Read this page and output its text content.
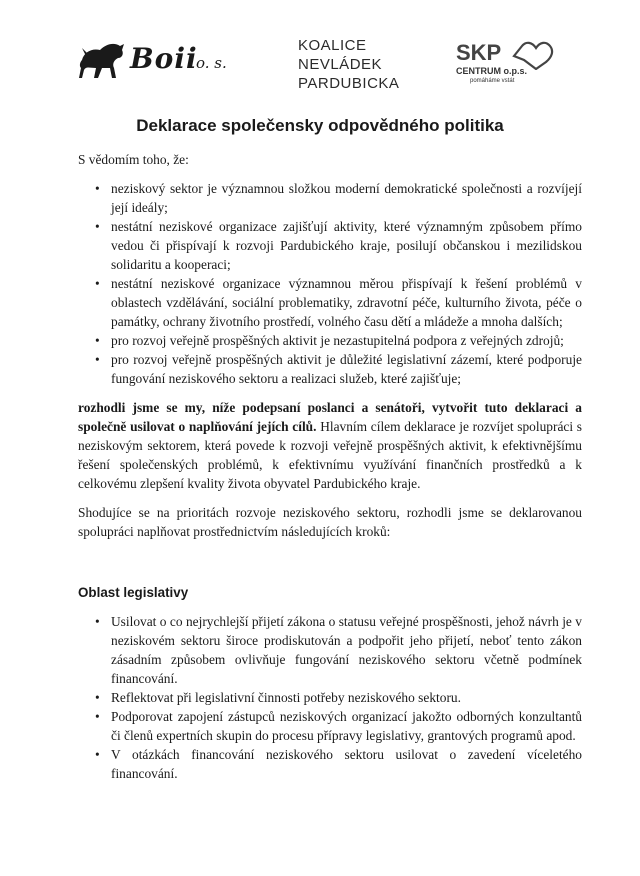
Boii
o. s.
KOALICE
NEVLÁDEK
PARDUBICKA
SKP
CENTRUM o.p.s.
pomáháme vstát
Deklarace společensky odpovědného politika

S vědomím toho, že:

• neziskový sektor je významnou složkou moderní demokratické společnosti a rozvíjejí její ideály;
• nestátní neziskové organizace zajišťují aktivity, které významným způsobem přímo vedou či přispívají k rozvoji Pardubického kraje, posilují občanskou i mezilidskou solidaritu a kooperaci;
• nestátní neziskové organizace významnou měrou přispívají k řešení problémů v oblastech vzdělávání, sociální problematiky, zdravotní péče, kulturního života, péče o památky, ochrany životního prostředí, volného času dětí a mládeže a mnoha dalších;
• pro rozvoj veřejně prospěšných aktivit je nezastupitelná podpora z veřejných zdrojů;
• pro rozvoj veřejně prospěšných aktivit je důležité legislativní zázemí, které podporuje fungování neziskového sektoru a realizaci služeb, které zajišťuje;

rozhodli jsme se my, níže podepsaní poslanci a senátoři, vytvořit tuto deklaraci a společně usilovat o naplňování jejích cílů. Hlavním cílem deklarace je rozvíjet spolupráci s neziskovým sektorem, která povede k rozvoji veřejně prospěšných aktivit, k efektivnějšímu řešení společenských problémů, k efektivnímu využívání finančních prostředků a k celkovému zlepšení kvality života obyvatel Pardubického kraje.

Shodujíce se na prioritách rozvoje neziskového sektoru, rozhodli jsme se deklarovanou spolupráci naplňovat prostřednictvím následujících kroků:

Oblast legislativy

• Usilovat o co nejrychlejší přijetí zákona o statusu veřejné prospěšnosti, jehož návrh je v neziskovém sektoru široce prodiskutován a podpořit jeho přijetí, neboť tento zákon zásadním způsobem ovlivňuje fungování neziskového sektoru včetně podmínek financování.
• Reflektovat při legislativní činnosti potřeby neziskového sektoru.
• Podporovat zapojení zástupců neziskových organizací jakožto odborných konzultantů či členů expertních skupin do procesu přípravy legislativy, grantových programů apod.
• V otázkách financování neziskového sektoru usilovat o zavedení víceletého financování.
